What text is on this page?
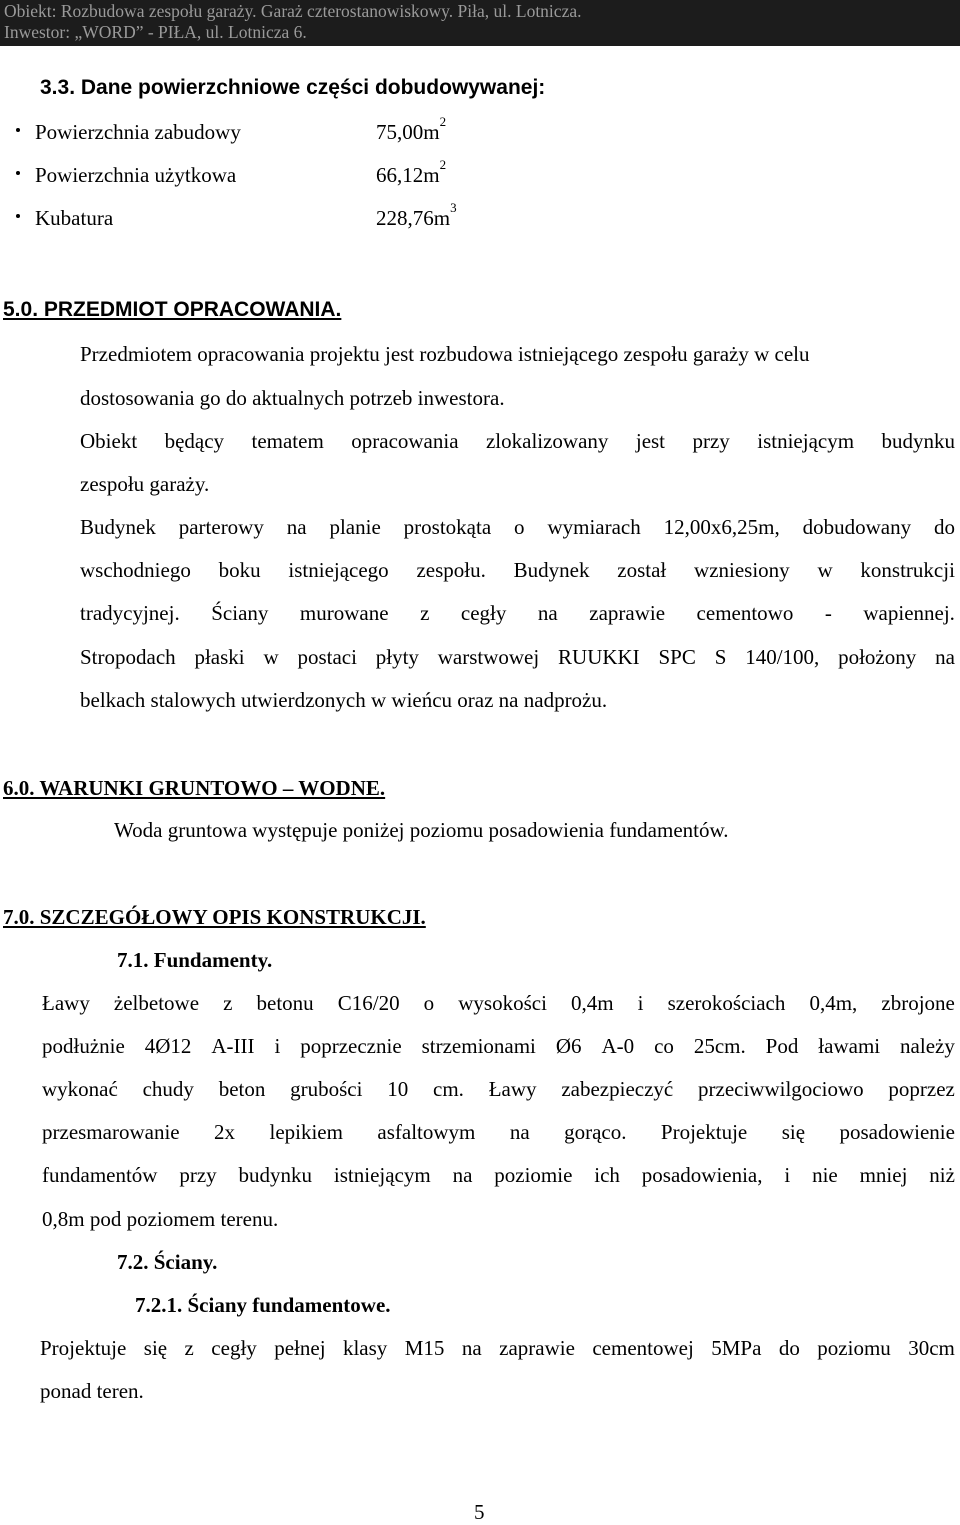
Obiekt: Rozbudowa zespołu garaży. Garaż czterostanowiskowy. Piła, ul. Lotnicza.
Inwestor: „WORD” - PIŁA, ul. Lotnicza 6.
3.3. Dane powierzchniowe części dobudowywanej:
Powierzchnia zabudowy	$75,00m^2$
Powierzchnia użytkowa	$66,12m^2$
Kubatura	$228,76m^3$
5.0. PRZEDMIOT OPRACOWANIA.
Przedmiotem opracowania projektu jest rozbudowa istniejącego zespołu garaży w celu
dostosowania go do aktualnych potrzeb inwestora.
Obiekt będący tematem opracowania zlokalizowany jest przy istniejącym budynku
zespołu garaży.
Budynek parterowy na planie prostokąta o wymiarach 12,00x6,25m, dobudowany do
wschodniego boku istniejącego zespołu. Budynek został wzniesiony w konstrukcji
tradycyjnej. Ściany murowane z cegły na zaprawie cementowo - wapiennej.
Stropodach płaski w postaci płyty warstwowej RUUKKI SPC S 140/100, położony na
belkach stalowych utwierdzonych w wieńcu oraz na nadprożu.
6.0. WARUNKI GRUNTOWO – WODNE.
Woda gruntowa występuje poniżej poziomu posadowienia fundamentów.
7.0. SZCZEGÓŁOWY OPIS KONSTRUKCJI.
7.1. Fundamenty.
Ławy żelbetowe z betonu C16/20 o wysokości 0,4m i szerokościach 0,4m, zbrojone
podłużnie 4Ø12 A-III i poprzecznie strzemionami Ø6 A-0 co 25cm. Pod ławami należy
wykonać chudy beton grubości 10 cm. Ławy zabezpieczyć przeciwwilgociowo poprzez
przesmarowanie 2x lepikiem asfaltowym na gorąco. Projektuje się posadowienie
fundamentów przy budynku istniejącym na poziomie ich posadowienia, i nie mniej niż
0,8m pod poziomem terenu.
7.2. Ściany.
7.2.1. Ściany fundamentowe.
Projektuje się z cegły pełnej klasy M15 na zaprawie cementowej 5MPa do poziomu 30cm
ponad teren.
5
